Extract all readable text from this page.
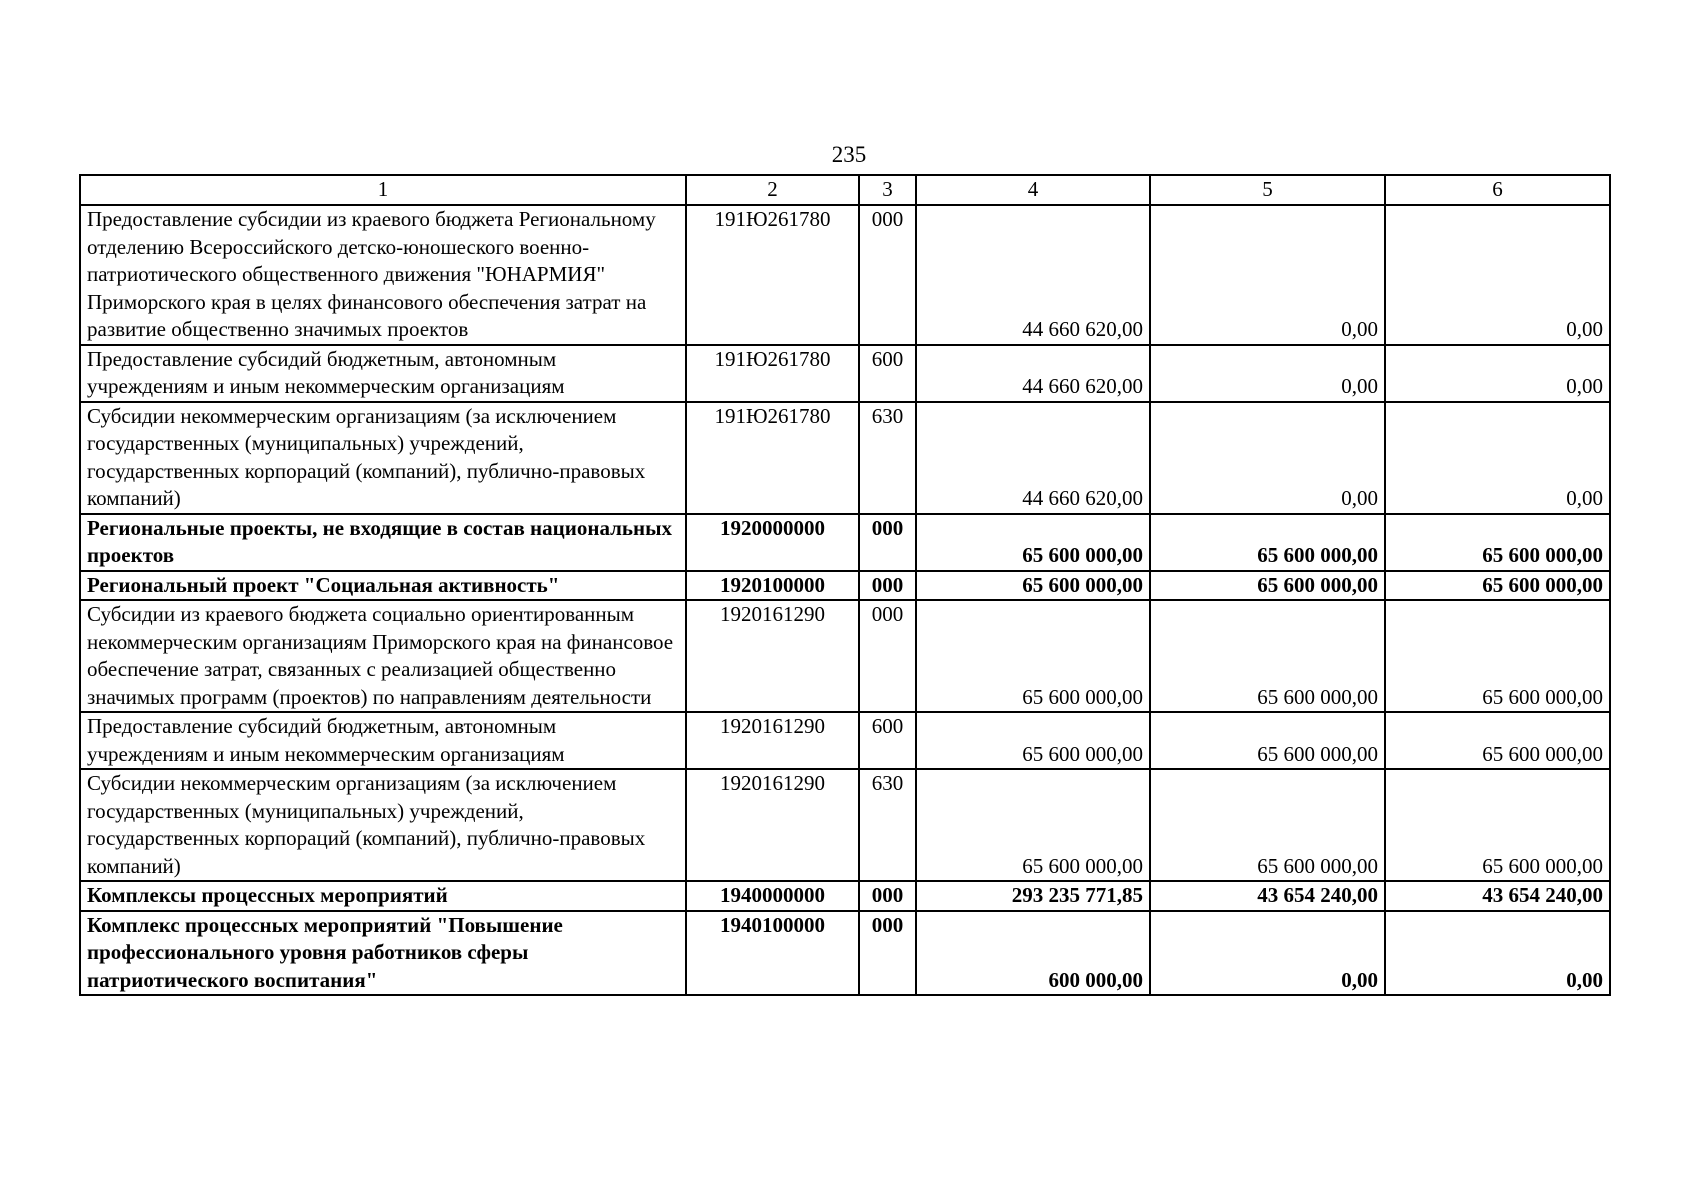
235
1	2	3	4	5	6
Предоставление субсидии из краевого бюджета Региональному отделению Всероссийского детско-юношеского военно-патриотического общественного движения "ЮНАРМИЯ" Приморского края в целях финансового обеспечения затрат на развитие общественно значимых проектов	191Ю261780	000	44 660 620,00	0,00	0,00
Предоставление субсидий бюджетным, автономным учреждениям и иным некоммерческим организациям	191Ю261780	600	44 660 620,00	0,00	0,00
Субсидии некоммерческим организациям (за исключением государственных (муниципальных) учреждений, государственных корпораций (компаний), публично-правовых компаний)	191Ю261780	630	44 660 620,00	0,00	0,00
Региональные проекты, не входящие в состав национальных проектов	1920000000	000	65 600 000,00	65 600 000,00	65 600 000,00
Региональный проект "Социальная активность"	1920100000	000	65 600 000,00	65 600 000,00	65 600 000,00
Субсидии из краевого бюджета социально ориентированным некоммерческим организациям Приморского края на финансовое обеспечение затрат, связанных с реализацией общественно значимых программ (проектов) по направлениям деятельности	1920161290	000	65 600 000,00	65 600 000,00	65 600 000,00
Предоставление субсидий бюджетным, автономным учреждениям и иным некоммерческим организациям	1920161290	600	65 600 000,00	65 600 000,00	65 600 000,00
Субсидии некоммерческим организациям (за исключением государственных (муниципальных) учреждений, государственных корпораций (компаний), публично-правовых компаний)	1920161290	630	65 600 000,00	65 600 000,00	65 600 000,00
Комплексы процессных мероприятий	1940000000	000	293 235 771,85	43 654 240,00	43 654 240,00
Комплекс процессных мероприятий "Повышение профессионального уровня работников сферы патриотического воспитания"	1940100000	000	600 000,00	0,00	0,00
